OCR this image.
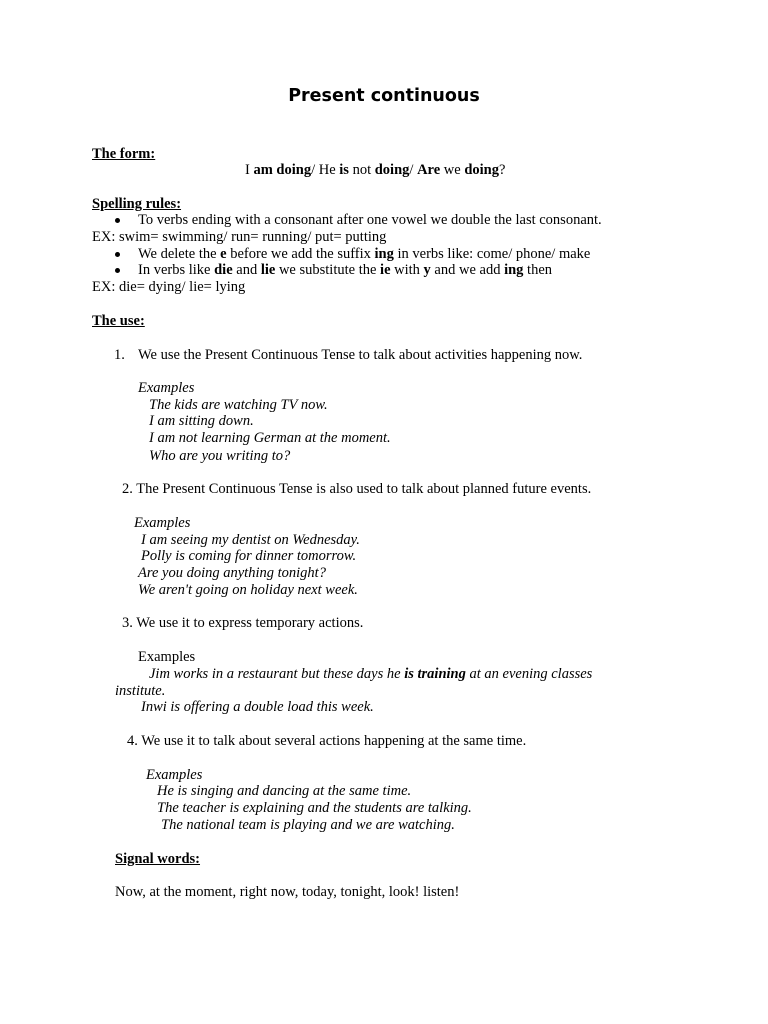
Present continuous
The form:
I am doing/ He is not doing/ Are we doing?
Spelling rules:
To verbs ending with a consonant after one vowel we double the last consonant.
EX: swim= swimming/ run= running/ put= putting
We delete the e before we add the suffix ing in verbs like: come/ phone/ make
In verbs like die and lie we substitute the ie with y and we add ing then
EX: die= dying/ lie= lying
The use:
1. We use the Present Continuous Tense to talk about activities happening now.
Examples
The kids are watching TV now.
I am sitting down.
I am not learning German at the moment.
Who are you writing to?
2. The Present Continuous Tense is also used to talk about planned future events.
Examples
I am seeing my dentist on Wednesday.
Polly is coming for dinner tomorrow.
Are you doing anything tonight?
We aren't going on holiday next week.
3. We use it to express temporary actions.
Examples
Jim works in a restaurant but these days he is training at an evening classes
institute.
Inwi is offering a double load this week.
4. We use it to talk about several actions happening at the same time.
Examples
He is singing and dancing at the same time.
The teacher is explaining and the students are talking.
The national team is playing and we are watching.
Signal words:
Now, at the moment, right now, today, tonight, look! listen!
